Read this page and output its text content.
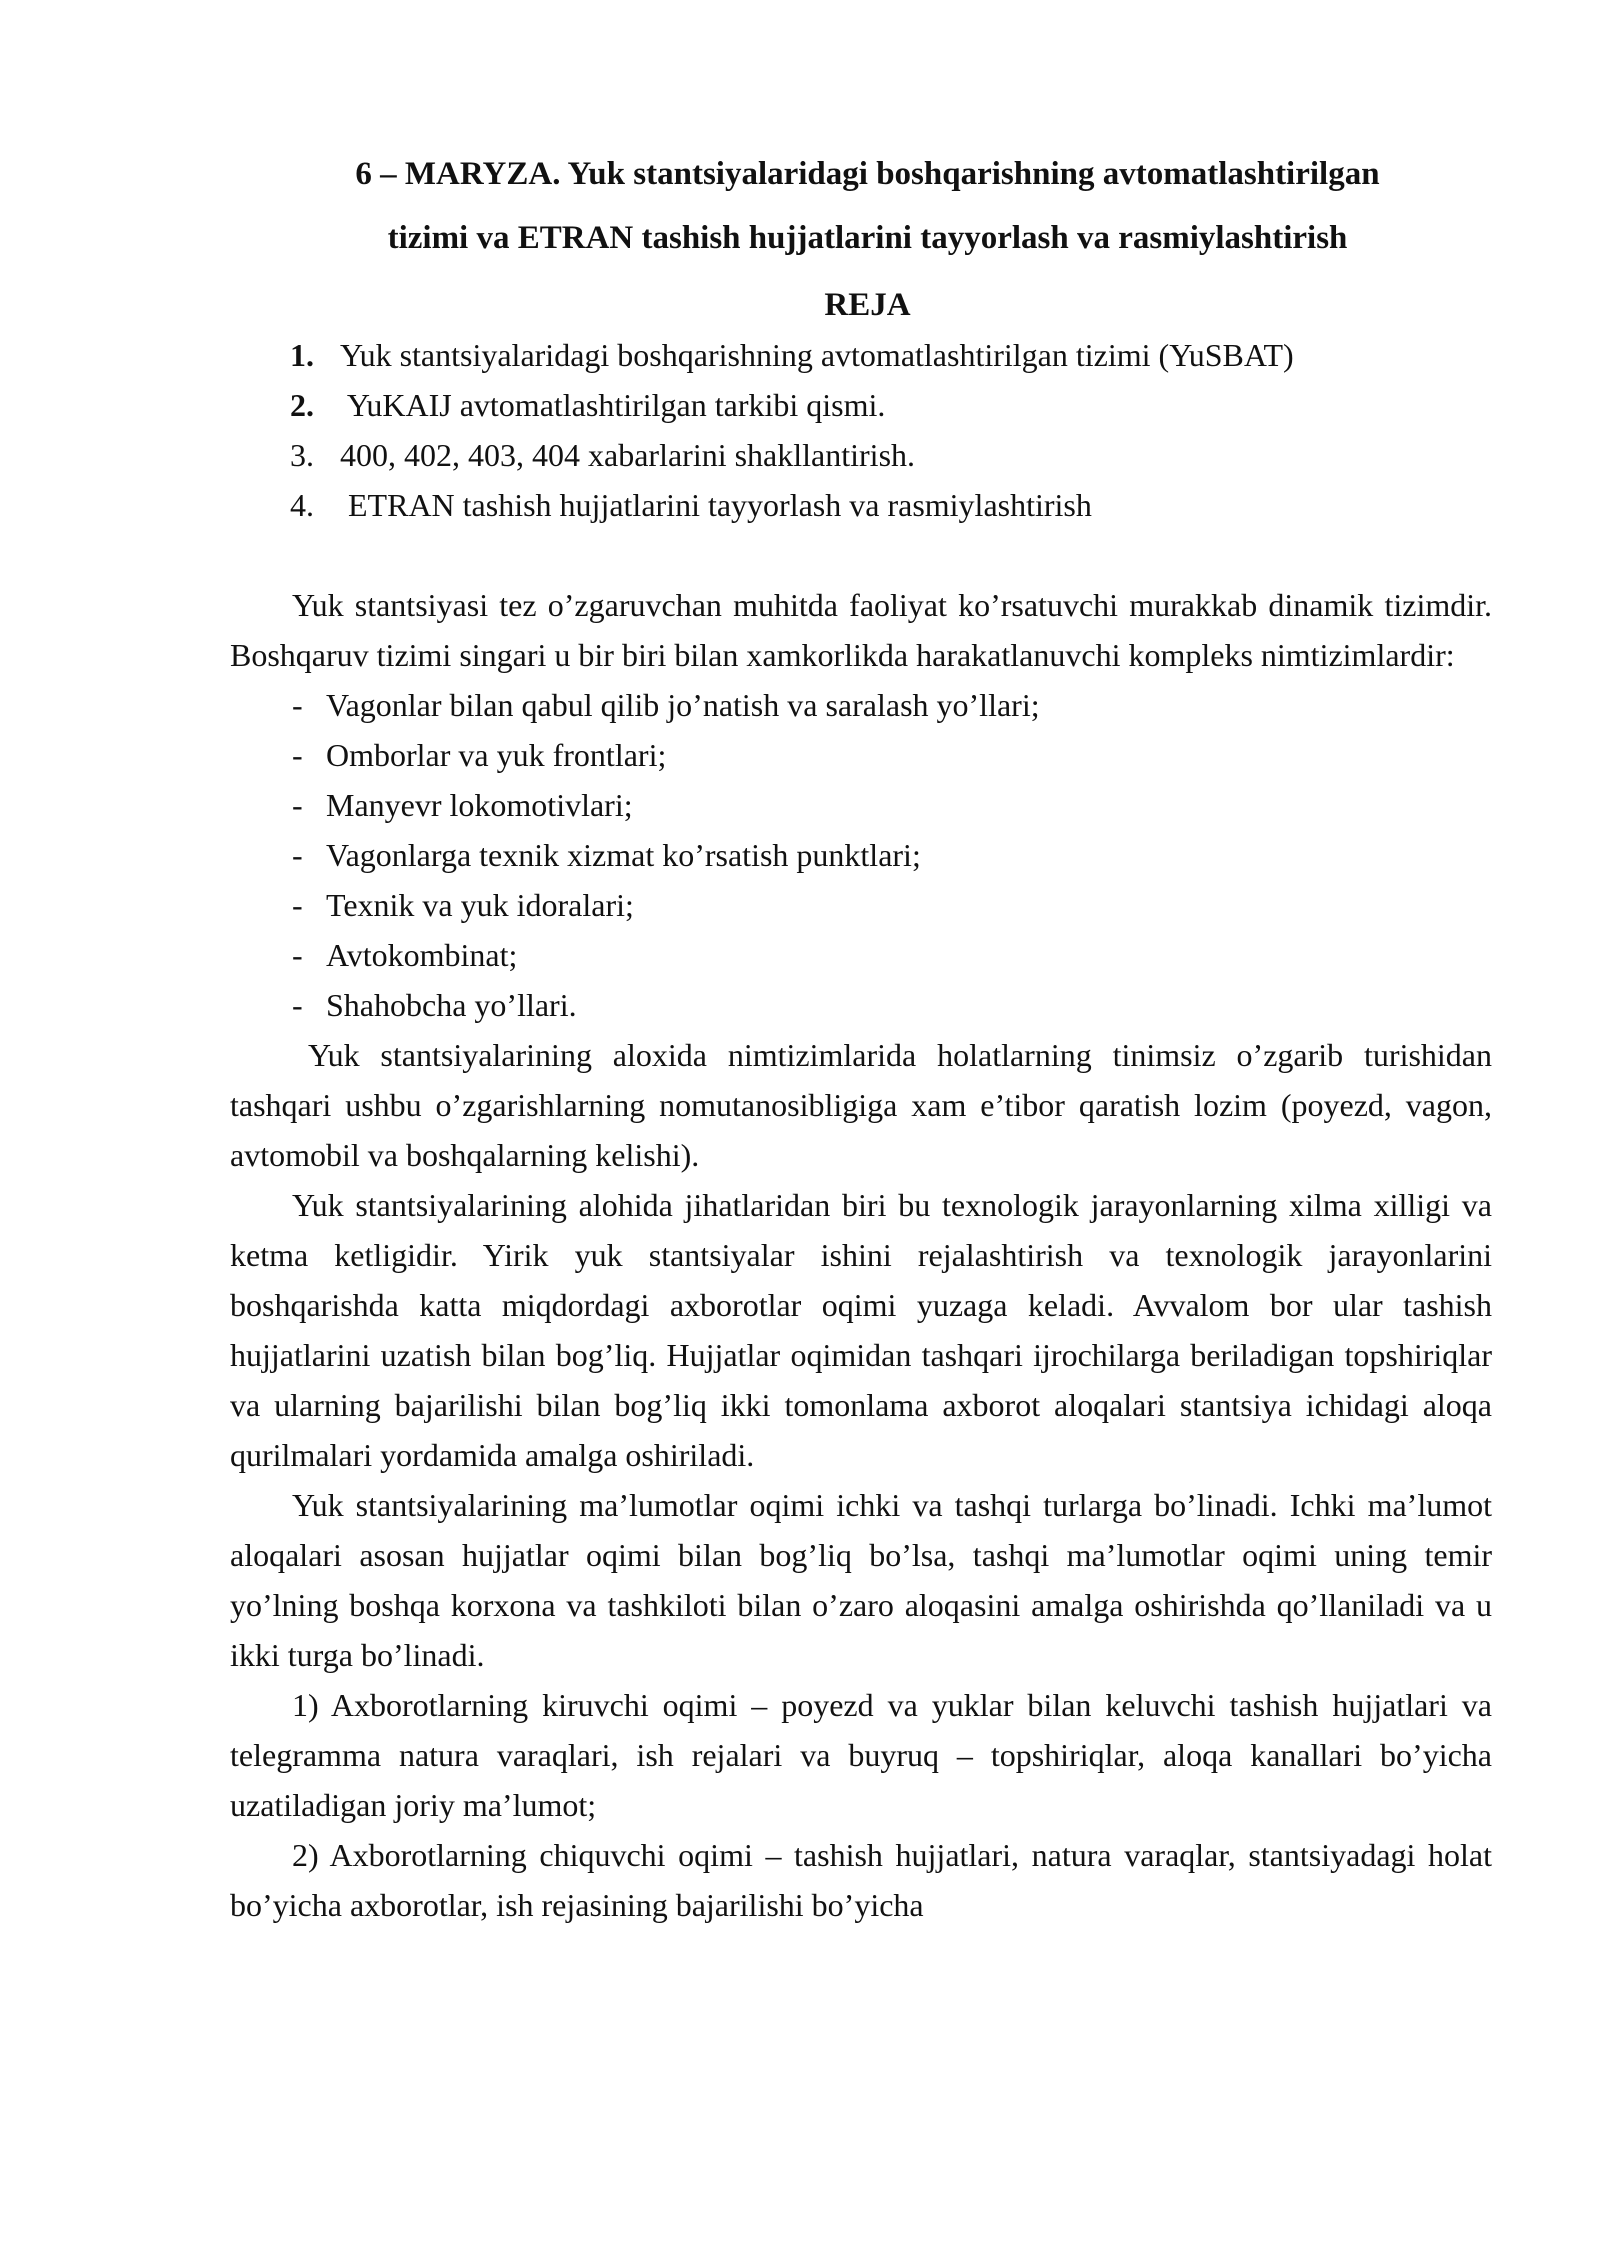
6 – MARYZA. Yuk stantsiyalaridagi boshqarishning avtomatlashtirilgan
tizimi va ETRAN tashish hujjatlarini tayyorlash va rasmiylashtirish
REJA
1. Yuk stantsiyalaridagi boshqarishning avtomatlashtirilgan tizimi (YuSBAT)
2. YuKAIJ avtomatlashtirilgan tarkibi qismi.
3. 400, 402, 403, 404 xabarlarini shakllantirish.
4. ETRAN tashish hujjatlarini tayyorlash va rasmiylashtirish

Yuk stantsiyasi tez o’zgaruvchan muhitda faoliyat ko’rsatuvchi murakkab dinamik tizimdir. Boshqaruv tizimi singari u bir biri bilan xamkorlikda harakatlanuvchi kompleks nimtizimlardir:

- Vagonlar bilan qabul qilib jo’natish va saralash yo’llari;
- Omborlar va yuk frontlari;
- Manyevr lokomotivlari;
- Vagonlarga texnik xizmat ko’rsatish punktlari;
- Texnik va yuk idoralari;
- Avtokombinat;
- Shahobcha yo’llari.

Yuk stantsiyalarining aloxida nimtizimlarida holatlarning tinimsiz o’zgarib turishidan tashqari ushbu o’zgarishlarning nomutanosibligiga xam e’tibor qaratish lozim (poyezd, vagon, avtomobil va boshqalarning kelishi).

Yuk stantsiyalarining alohida jihatlaridan biri bu texnologik jarayonlarning xilma xilligi va ketma ketligidir. Yirik yuk stantsiyalar ishini rejalashtirish va texnologik jarayonlarini boshqarishda katta miqdordagi axborotlar oqimi yuzaga keladi. Avvalom bor ular tashish hujjatlarini uzatish bilan bog’liq. Hujjatlar oqimidan tashqari ijrochilarga beriladigan topshiriqlar va ularning bajarilishi bilan bog’liq ikki tomonlama axborot aloqalari stantsiya ichidagi aloqa qurilmalari yordamida amalga oshiriladi.

Yuk stantsiyalarining ma’lumotlar oqimi ichki va tashqi turlarga bo’linadi. Ichki ma’lumot aloqalari asosan hujjatlar oqimi bilan bog’liq bo’lsa, tashqi ma’lumotlar oqimi uning temir yo’lning boshqa korxona va tashkiloti bilan o’zaro aloqasini amalga oshirishda qo’llaniladi va u ikki turga bo’linadi.

1) Axborotlarning kiruvchi oqimi – poyezd va yuklar bilan keluvchi tashish hujjatlari va telegramma natura varaqlari, ish rejalari va buyruq – topshiriqlar, aloqa kanallari bo’yicha uzatiladigan joriy ma’lumot;

2) Axborotlarning chiquvchi oqimi – tashish hujjatlari, natura varaqlar, stantsiyadagi holat bo’yicha axborotlar, ish rejasining bajarilishi bo’yicha
